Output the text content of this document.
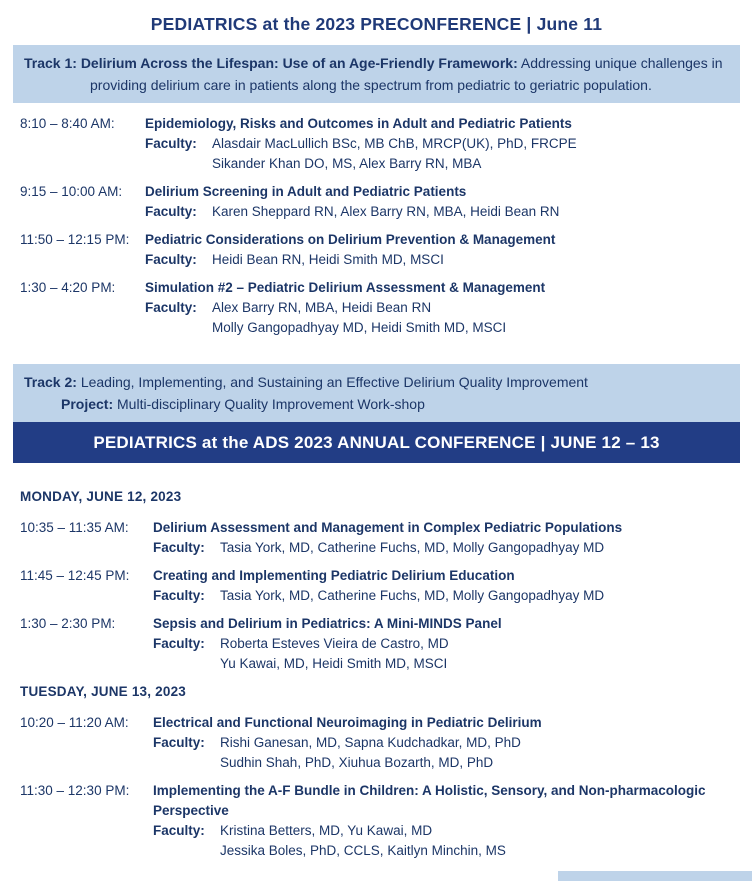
PEDIATRICS at the 2023 PRECONFERENCE | June 11

Track 1: Delirium Across the Lifespan: Use of an Age-Friendly Framework: Addressing unique challenges in providing delirium care in patients along the spectrum from pediatric to geriatric population.

8:10 – 8:40 AM:	Epidemiology, Risks and Outcomes in Adult and Pediatric Patients
Faculty:	Alasdair MacLullich BSc, MB ChB, MRCP(UK), PhD, FRCPE
Sikander Khan DO, MS, Alex Barry RN, MBA
9:15 – 10:00 AM:	Delirium Screening in Adult and Pediatric Patients
Faculty:	Karen Sheppard RN, Alex Barry RN, MBA, Heidi Bean RN
11:50 – 12:15 PM:	Pediatric Considerations on Delirium Prevention & Management
Faculty:	Heidi Bean RN, Heidi Smith MD, MSCI
1:30 – 4:20 PM:	Simulation #2 – Pediatric Delirium Assessment & Management
Faculty:	Alex Barry RN, MBA, Heidi Bean RN
Molly Gangopadhyay MD, Heidi Smith MD, MSCI

Track 2: Leading, Implementing, and Sustaining an Effective Delirium Quality Improvement

Project: Multi-disciplinary Quality Improvement Work-shop

PEDIATRICS at the ADS 2023 ANNUAL CONFERENCE | JUNE 12 – 13
MONDAY, JUNE 12, 2023
10:35 – 11:35 AM:	Delirium Assessment and Management in Complex Pediatric Populations
Faculty:	Tasia York, MD, Catherine Fuchs, MD, Molly Gangopadhyay MD
11:45 – 12:45 PM:	Creating and Implementing Pediatric Delirium Education
Faculty:	Tasia York, MD, Catherine Fuchs, MD, Molly Gangopadhyay MD
1:30 – 2:30 PM:	Sepsis and Delirium in Pediatrics: A Mini-MINDS Panel
Faculty:	Roberta Esteves Vieira de Castro, MD
Yu Kawai, MD, Heidi Smith MD, MSCI
TUESDAY, JUNE 13, 2023
10:20 – 11:20 AM:	Electrical and Functional Neuroimaging in Pediatric Delirium
Faculty:	Rishi Ganesan, MD, Sapna Kudchadkar, MD, PhD
Sudhin Shah, PhD, Xiuhua Bozarth, MD, PhD
11:30 – 12:30 PM:	Implementing the A-F Bundle in Children: A Holistic, Sensory, and Non-pharmacologic Perspective
Faculty:	Kristina Betters, MD, Yu Kawai, MD
Jessika Boles, PhD, CCLS, Kaitlyn Minchin, MS
